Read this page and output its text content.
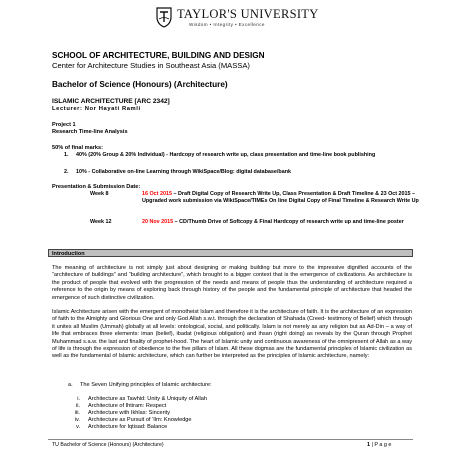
TAYLOR'S UNIVERSITY
Wisdom • Integrity • Excellence
SCHOOL OF ARCHITECTURE, BUILDING AND DESIGN
Center for Architecture Studies in Southeast Asia (MASSA)
Bachelor of Science (Honours) (Architecture)
ISLAMIC ARCHITECTURE [ARC 2342]
Lecturer: Nor Hayati Ramli
Project 1
Research Time-line Analysis
50% of final marks:
1. 40% (20% Group & 20% Individual) - Hardcopy of research write up, class presentation and time-line book publishing
2. 10% - Collaborative on-line Learning through WikiSpace/Blog: digital database/bank
Presentation & Submission Date:
Week 8	16 Oct 2015 – Draft Digital Copy of Research Write Up, Class Presentation & Draft Timeline & 23 Oct 2015 – Upgraded work submission via WikiSpace/TIMEs On line Digital Copy of Final Timeline & Research Write Up
Week 12	20 Nov 2015 – CD/Thumb Drive of Softcopy & Final Hardcopy of research write up and time-line poster
Introduction
The meaning of architecture is not simply just about designing or making building but more to the impressive dignified accounts of the “architecture of buildings” and “building architecture”, which brought to a bigger context that is the emergence of civilizations. As architecture is the product of people that evolved with the progression of the needs and means of people thus the understanding of architecture required a reference to the origin by means of exploring back through history of the people and the fundamental principle of architecture that headed the emergence of such distinctive civilization.
Islamic Architecture arisen with the emergent of monotheist Islam and therefore it is the architecture of faith. It is the architecture of an expression of faith to the Almighty and Glorious One and only God Allah s.w.t. through the declaration of Shahada (Creed- testimony of Belief) which through it unites all Muslim (Ummah) globally at all levels: ontological, social, and politically. Islam is not merely as any religion but as Ad-Din – a way of life that embraces three elements: iman (belief), ibadat (religious obligation) and ihsan (right doing) as reveals by the Quran through Prophet Muhammad s.a.w. the last and finality of prophet-hood. The heart of Islamic unity and continuous awareness of the omnipresent of Allah as a way of life is through the expression of obedience to the five pillars of Islam. All these dogmas are the fundamental principles of Islamic civilization as well as the fundamental of Islamic architecture, which can further be interpreted as the principles of Islamic architecture, namely:
a. The Seven Unifying principles of Islamic architecture:
i. Architecture as Tawhid: Unity & Uniquity of Allah
ii. Architecture of Ihtiram: Respect
iii. Architecture with Ikhlas: Sincerity
iv. Architecture as Pursuit of ‘Ilm: Knowledge
v. Architecture for Iqtisad: Balance
TU Bachelor of Science (Honours) (Architecture)	1 | P a g e
